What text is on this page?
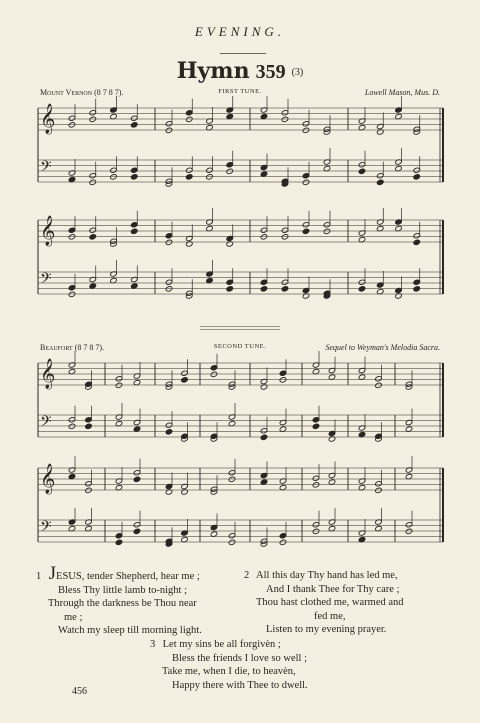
EVENING.
Hymn 359 (3)
Mount Vernon (8 7 8 7).	FIRST TUNE.	Lowell Mason, Mus. D.
Beaufort (8 7 8 7).	SECOND TUNE.	Sequel to Weyman's Melodia Sacra.
𝄞
𝄢
𝄞
𝄢
𝄞
𝄢
𝄞
𝄢
1 JESUS, tender Shepherd, hear me ;
Bless Thy little lamb to-night ;
Through the darkness be Thou near
me ;
Watch my sleep till morning light.
2 All this day Thy hand has led me,
And I thank Thee for Thy care ;
Thou hast clothed me, warmed and
fed me,
Listen to my evening prayer.
3 Let my sins be all forgivèn ;
Bless the friends I love so well ;
Take me, when I die, to heavèn,
Happy there with Thee to dwell.
456
